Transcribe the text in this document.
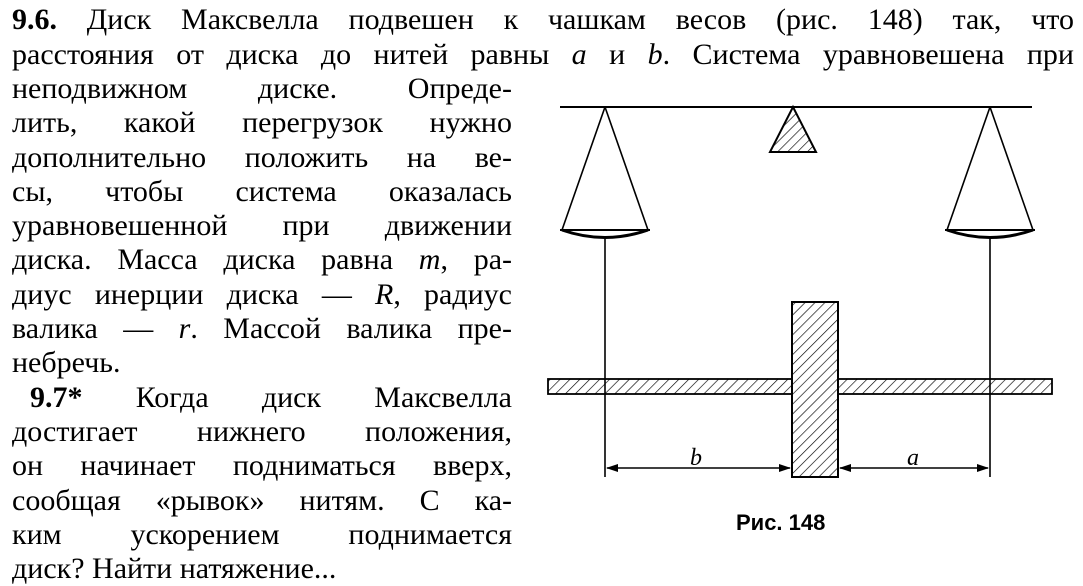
9.6. Диск Максвелла подвешен к чашкам весов (рис. 148) так, что
расстояния от диска до нитей равны a и b. Система уравновешена при
неподвижном диске. Опреде-
лить, какой перегрузок нужно
дополнительно положить на ве-
сы, чтобы система оказалась
уравновешенной при движении
диска. Масса диска равна m, ра-
диус инерции диска — R, радиус
валика — r. Массой валика пре-
небречь.
9.7* Когда диск Максвелла
достигает нижнего положения,
он начинает подниматься вверх,
сообщая «рывок» нитям. С ка-
ким ускорением поднимается
диск? Найти натяжение...
b	a
Рис. 148
